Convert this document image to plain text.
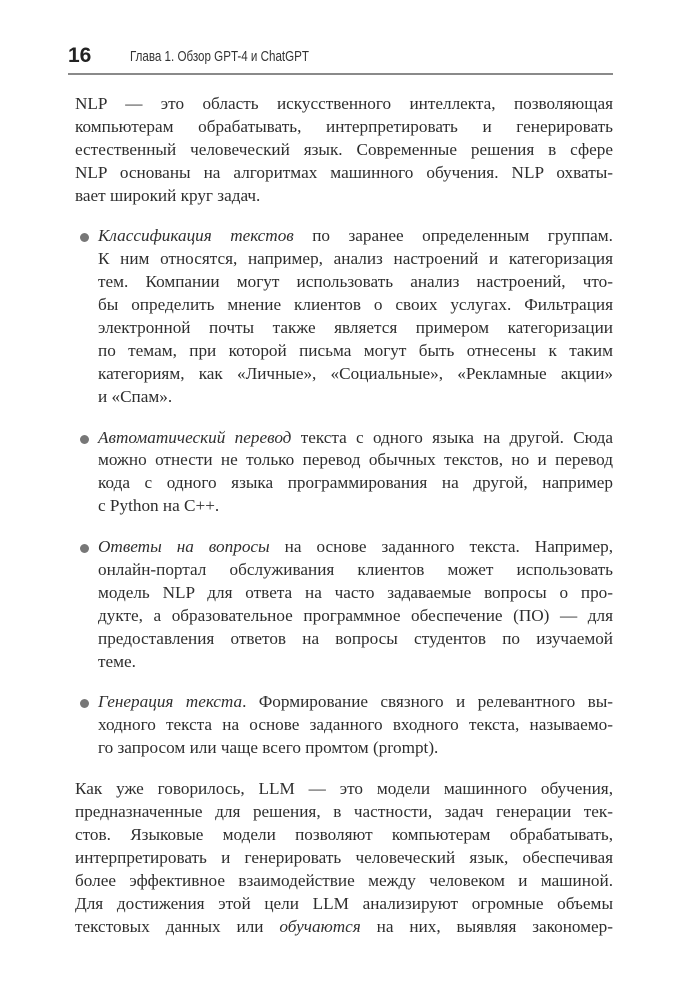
16	Глава 1. Обзор GPT-4 и ChatGPT
NLP — это область искусственного интеллекта, позволяющая
компьютерам обрабатывать, интерпретировать и генерировать
естественный человеческий язык. Современные решения в сфере
NLP основаны на алгоритмах машинного обучения. NLP охваты-
вает широкий круг задач.
Классификация текстов по заранее определенным группам.
К ним относятся, например, анализ настроений и категоризация
тем. Компании могут использовать анализ настроений, что-
бы определить мнение клиентов о своих услугах. Фильтрация
электронной почты также является примером категоризации
по темам, при которой письма могут быть отнесены к таким
категориям, как «Личные», «Социальные», «Рекламные акции»
и «Спам».
Автоматический перевод текста с одного языка на другой. Сюда
можно отнести не только перевод обычных текстов, но и перевод
кода с одного языка программирования на другой, например
с Python на C++.
Ответы на вопросы на основе заданного текста. Например,
онлайн-портал обслуживания клиентов может использовать
модель NLP для ответа на часто задаваемые вопросы о про-
дукте, а образовательное программное обеспечение (ПО) — для
предоставления ответов на вопросы студентов по изучаемой
теме.
Генерация текста. Формирование связного и релевантного вы-
ходного текста на основе заданного входного текста, называемо-
го запросом или чаще всего промтом (prompt).
Как уже говорилось, LLM — это модели машинного обучения,
предназначенные для решения, в частности, задач генерации тек-
стов. Языковые модели позволяют компьютерам обрабатывать,
интерпретировать и генерировать человеческий язык, обеспечивая
более эффективное взаимодействие между человеком и машиной.
Для достижения этой цели LLM анализируют огромные объемы
текстовых данных или обучаются на них, выявляя закономер-
